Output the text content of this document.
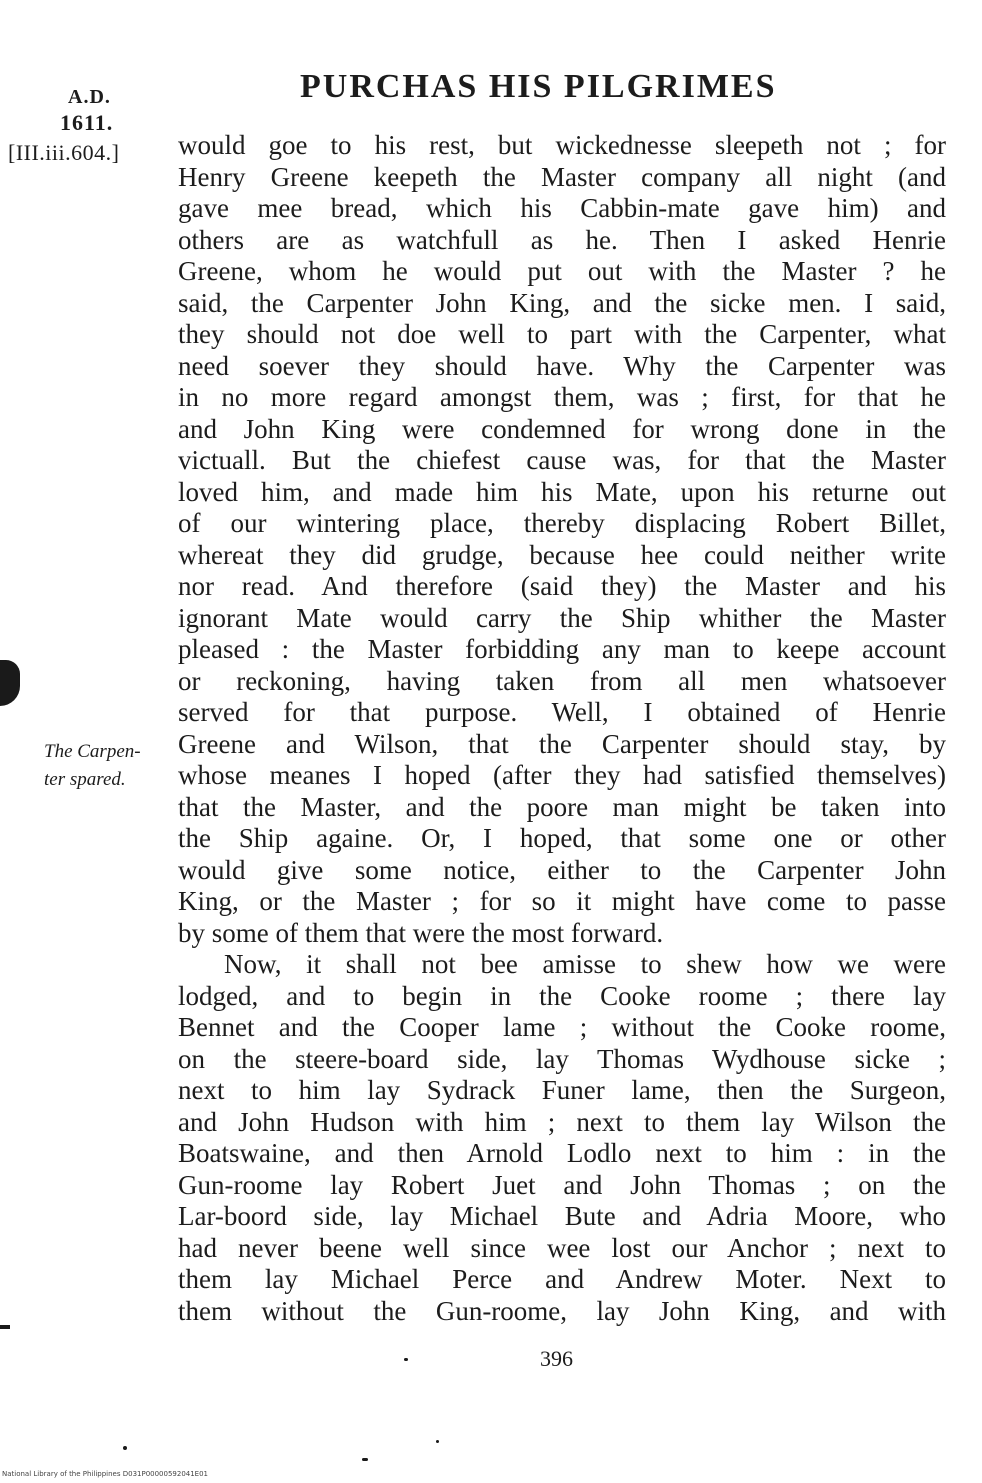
A.D.
1611.
[III.iii.604.]
PURCHAS HIS PILGRIMES
The Carpen-
ter spared.
would goe to his rest, but wickednesse sleepeth not ; for
Henry Greene keepeth the Master company all night (and
gave mee bread, which his Cabbin-mate gave him) and
others are as watchfull as he. Then I asked Henrie
Greene, whom he would put out with the Master ? he
said, the Carpenter John King, and the sicke men. I said,
they should not doe well to part with the Carpenter, what
need soever they should have. Why the Carpenter was
in no more regard amongst them, was ; first, for that he
and John King were condemned for wrong done in the
victuall. But the chiefest cause was, for that the Master
loved him, and made him his Mate, upon his returne out
of our wintering place, thereby displacing Robert Billet,
whereat they did grudge, because hee could neither write
nor read. And therefore (said they) the Master and his
ignorant Mate would carry the Ship whither the Master
pleased : the Master forbidding any man to keepe account
or reckoning, having taken from all men whatsoever
served for that purpose. Well, I obtained of Henrie
Greene and Wilson, that the Carpenter should stay, by
whose meanes I hoped (after they had satisfied themselves)
that the Master, and the poore man might be taken into
the Ship againe. Or, I hoped, that some one or other
would give some notice, either to the Carpenter John
King, or the Master ; for so it might have come to passe
by some of them that were the most forward.
Now, it shall not bee amisse to shew how we were
lodged, and to begin in the Cooke roome ; there lay
Bennet and the Cooper lame ; without the Cooke roome,
on the steere-board side, lay Thomas Wydhouse sicke ;
next to him lay Sydrack Funer lame, then the Surgeon,
and John Hudson with him ; next to them lay Wilson the
Boatswaine, and then Arnold Lodlo next to him : in the
Gun-roome lay Robert Juet and John Thomas ; on the
Lar-boord side, lay Michael Bute and Adria Moore, who
had never beene well since wee lost our Anchor ; next to
them lay Michael Perce and Andrew Moter. Next to
them without the Gun-roome, lay John King, and with
396
National Library of the Philippines D031P00000592041E01
